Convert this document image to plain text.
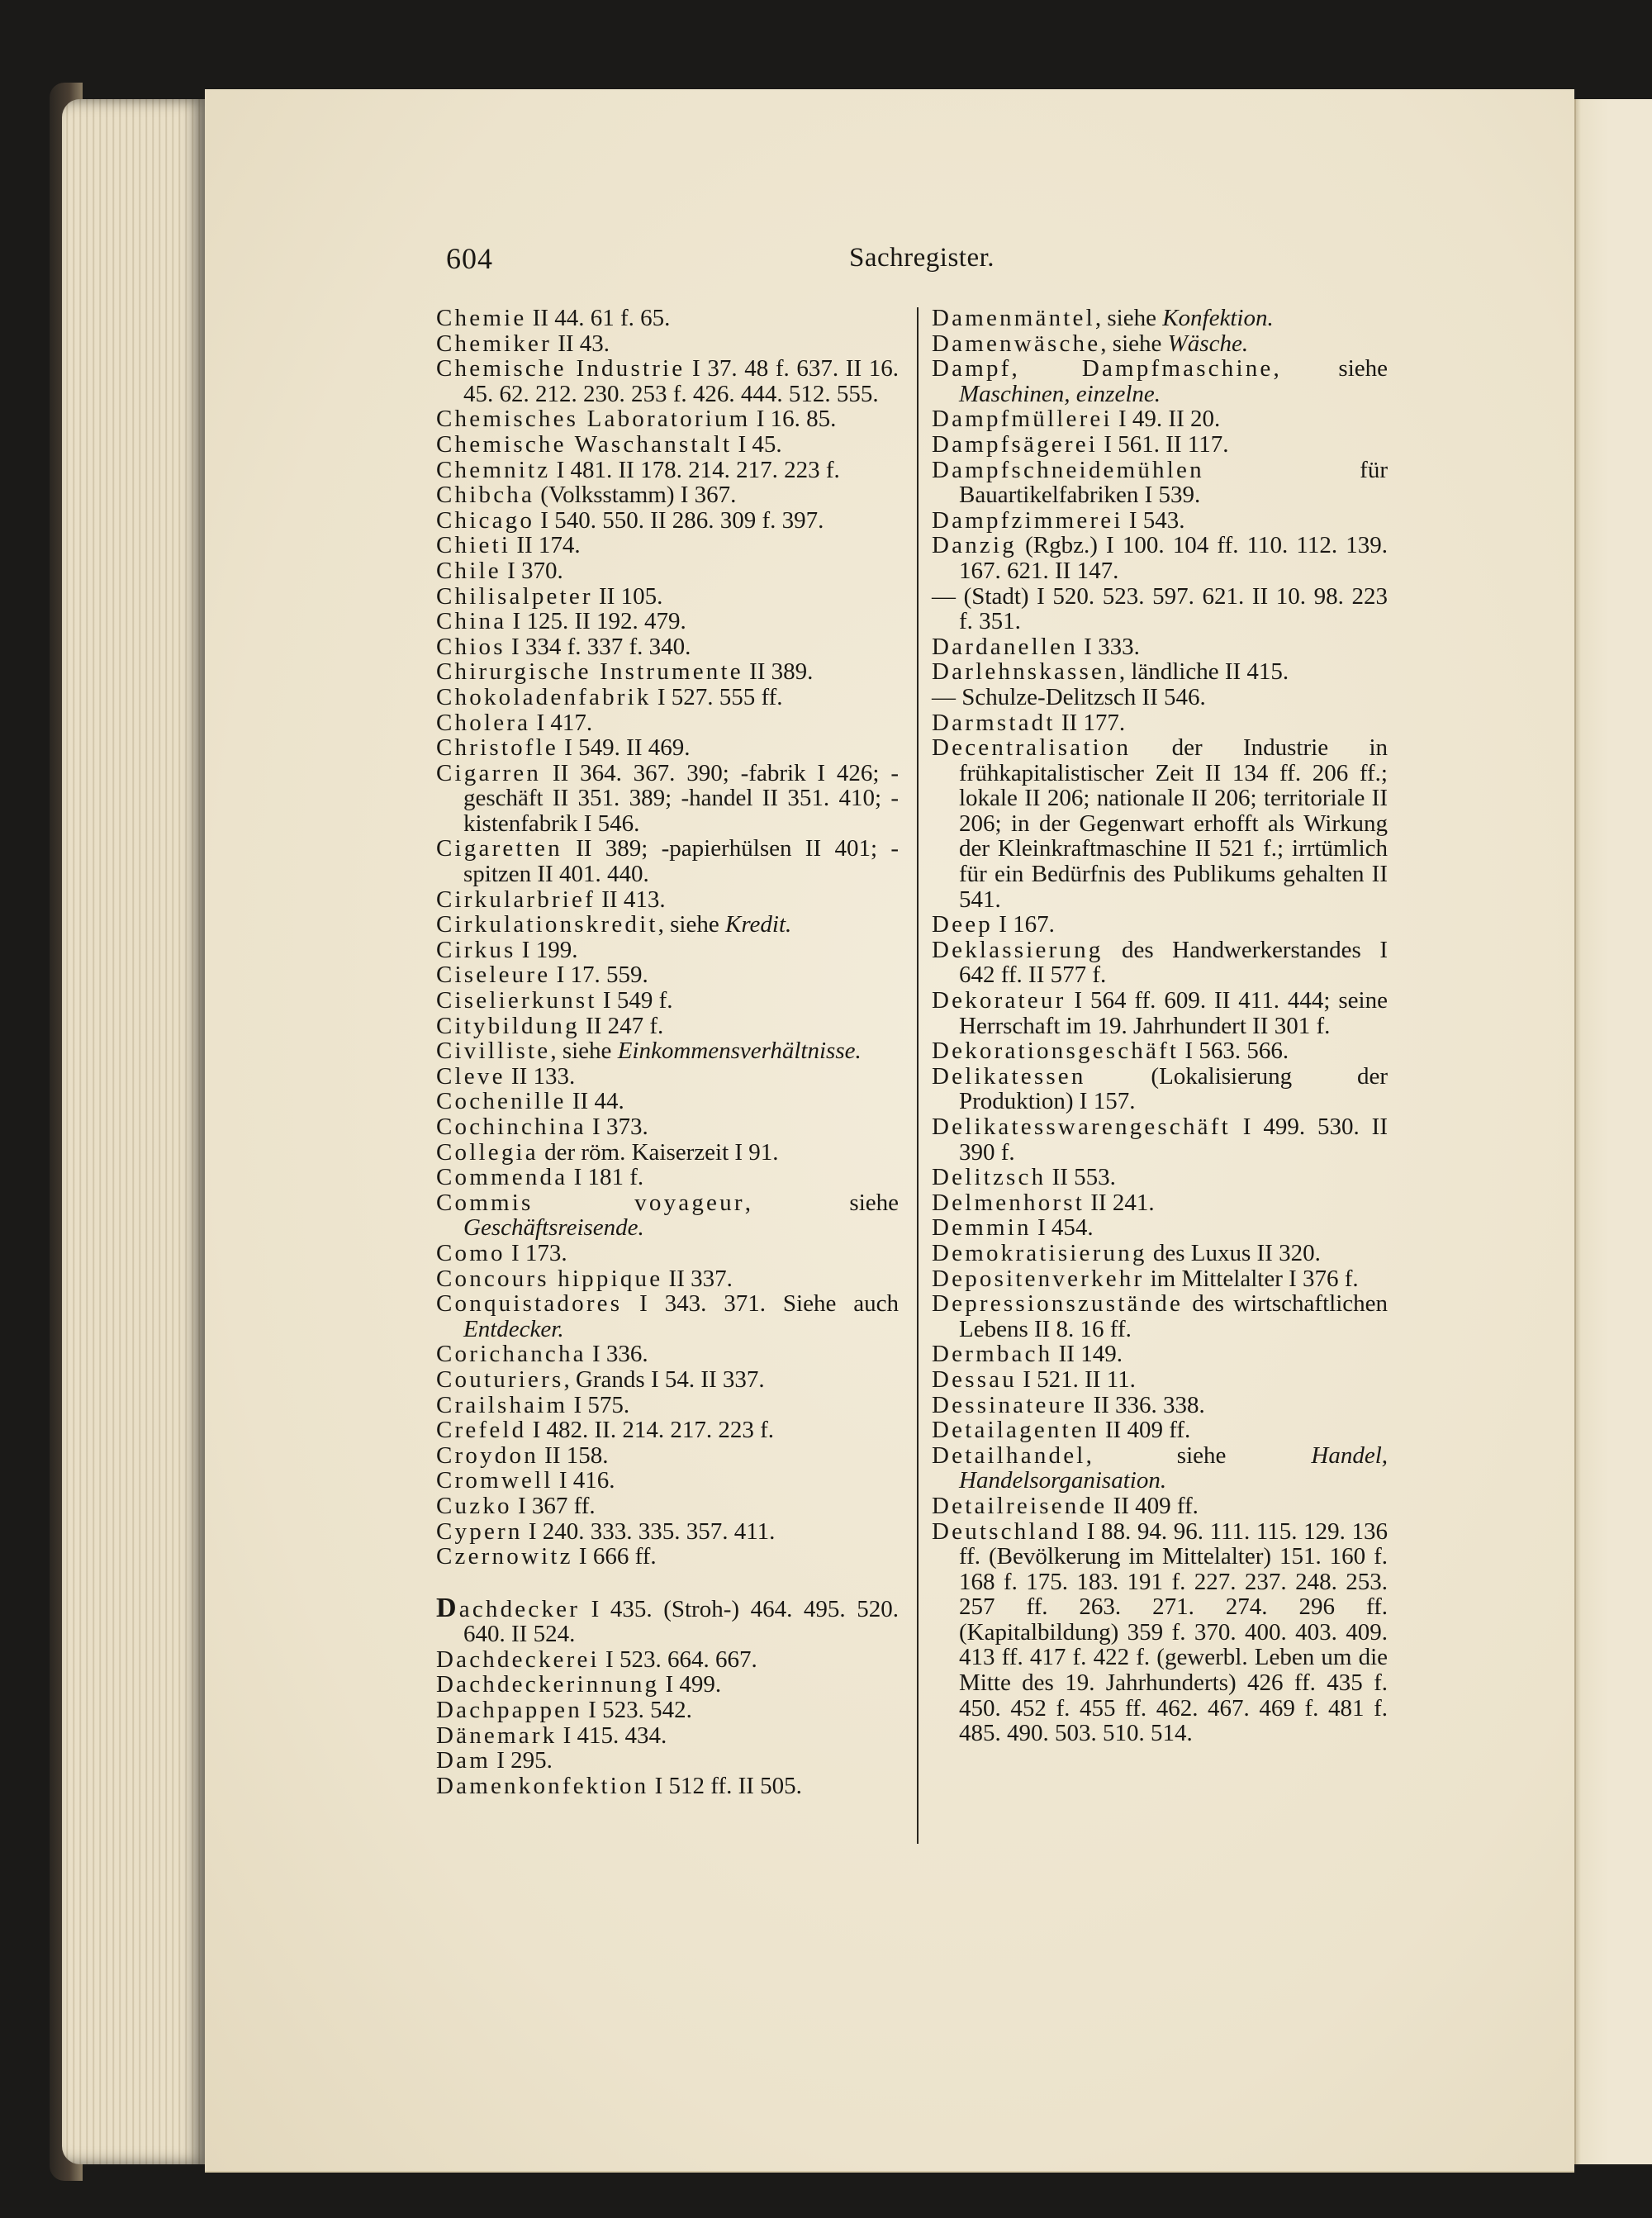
604	Sachregister.
Chemie II 44. 61 f. 65.
Chemiker II 43.
Chemische Industrie I 37. 48 f. 637. II 16. 45. 62. 212. 230. 253 f. 426. 444. 512. 555.
Chemisches Laboratorium I 16. 85.
Chemische Waschanstalt I 45.
Chemnitz I 481. II 178. 214. 217. 223 f.
Chibcha (Volksstamm) I 367.
Chicago I 540. 550. II 286. 309 f. 397.
Chieti II 174.
Chile I 370.
Chilisalpeter II 105.
China I 125. II 192. 479.
Chios I 334 f. 337 f. 340.
Chirurgische Instrumente II 389.
Chokoladenfabrik I 527. 555 ff.
Cholera I 417.
Christofle I 549. II 469.
Cigarren II 364. 367. 390; -fabrik I 426; -geschäft II 351. 389; -handel II 351. 410; -kistenfabrik I 546.
Cigaretten II 389; -papierhülsen II 401; -spitzen II 401. 440.
Cirkularbrief II 413.
Cirkulationskredit, siehe Kredit.
Cirkus I 199.
Ciseleure I 17. 559.
Ciselierkunst I 549 f.
Citybildung II 247 f.
Civilliste, siehe Einkommensverhältnisse.
Cleve II 133.
Cochenille II 44.
Cochinchina I 373.
Collegia der röm. Kaiserzeit I 91.
Commenda I 181 f.
Commis voyageur, siehe Geschäftsreisende.
Como I 173.
Concours hippique II 337.
Conquistadores I 343. 371. Siehe auch Entdecker.
Corichancha I 336.
Couturiers, Grands I 54. II 337.
Crailshaim I 575.
Crefeld I 482. II. 214. 217. 223 f.
Croydon II 158.
Cromwell I 416.
Cuzko I 367 ff.
Cypern I 240. 333. 335. 357. 411.
Czernowitz I 666 ff.
Dachdecker I 435. (Stroh-) 464. 495. 520. 640. II 524.
Dachdeckerei I 523. 664. 667.
Dachdeckerinnung I 499.
Dachpappen I 523. 542.
Dänemark I 415. 434.
Dam I 295.
Damenkonfektion I 512 ff. II 505.
Damenmäntel, siehe Konfektion.
Damenwäsche, siehe Wäsche.
Dampf, Dampfmaschine, siehe Maschinen, einzelne.
Dampfmüllerei I 49. II 20.
Dampfsägerei I 561. II 117.
Dampfschneidemühlen für Bauartikelfabriken I 539.
Dampfzimmerei I 543.
Danzig (Rgbz.) I 100. 104 ff. 110. 112. 139. 167. 621. II 147.
— (Stadt) I 520. 523. 597. 621. II 10. 98. 223 f. 351.
Dardanellen I 333.
Darlehnskassen, ländliche II 415.
— Schulze-Delitzsch II 546.
Darmstadt II 177.
Decentralisation der Industrie in frühkapitalistischer Zeit II 134 ff. 206 ff.; lokale II 206; nationale II 206; territoriale II 206; in der Gegenwart erhofft als Wirkung der Kleinkraftmaschine II 521 f.; irrtümlich für ein Bedürfnis des Publikums gehalten II 541.
Deep I 167.
Deklassierung des Handwerkerstandes I 642 ff. II 577 f.
Dekorateur I 564 ff. 609. II 411. 444; seine Herrschaft im 19. Jahrhundert II 301 f.
Dekorationsgeschäft I 563. 566.
Delikatessen (Lokalisierung der Produktion) I 157.
Delikatesswarengeschäft I 499. 530. II 390 f.
Delitzsch II 553.
Delmenhorst II 241.
Demmin I 454.
Demokratisierung des Luxus II 320.
Depositenverkehr im Mittelalter I 376 f.
Depressionszustände des wirtschaftlichen Lebens II 8. 16 ff.
Dermbach II 149.
Dessau I 521. II 11.
Dessinateure II 336. 338.
Detailagenten II 409 ff.
Detailhandel, siehe Handel, Handelsorganisation.
Detailreisende II 409 ff.
Deutschland I 88. 94. 96. 111. 115. 129. 136 ff. (Bevölkerung im Mittelalter) 151. 160 f. 168 f. 175. 183. 191 f. 227. 237. 248. 253. 257 ff. 263. 271. 274. 296 ff. (Kapitalbildung) 359 f. 370. 400. 403. 409. 413 ff. 417 f. 422 f. (gewerbl. Leben um die Mitte des 19. Jahrhunderts) 426 ff. 435 f. 450. 452 f. 455 ff. 462. 467. 469 f. 481 f. 485. 490. 503. 510. 514.
